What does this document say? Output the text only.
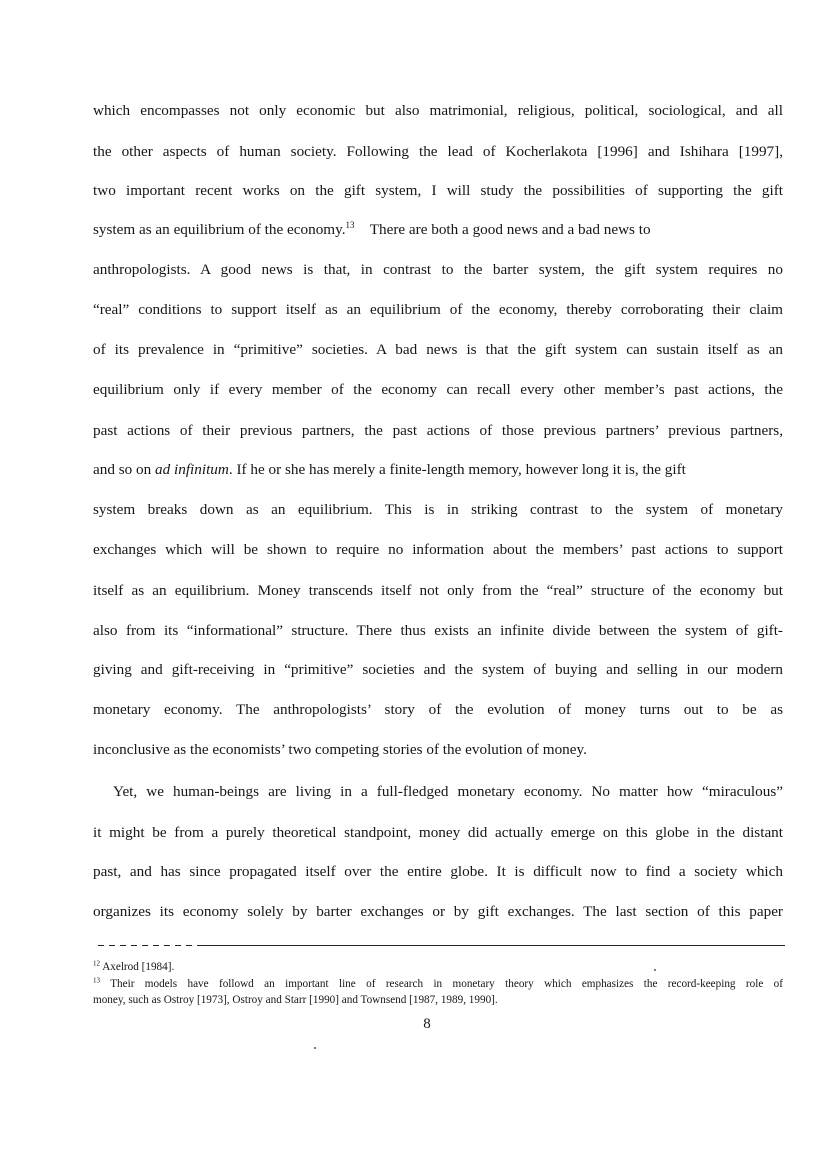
which encompasses not only economic but also matrimonial, religious, political, sociological, and all
the other aspects of human society. Following the lead of Kocherlakota [1996] and Ishihara [1997],
two important recent works on the gift system, I will study the possibilities of supporting the gift
system as an equilibrium of the economy.$^{13}$ There are both a good news and a bad news to
anthropologists. A good news is that, in contrast to the barter system, the gift system requires no
“real” conditions to support itself as an equilibrium of the economy, thereby corroborating their claim
of its prevalence in “primitive” societies. A bad news is that the gift system can sustain itself as an
equilibrium only if every member of the economy can recall every other member’s past actions, the
past actions of their previous partners, the past actions of those previous partners’ previous partners,
and so on ad infinitum. If he or she has merely a finite-length memory, however long it is, the gift
system breaks down as an equilibrium. This is in striking contrast to the system of monetary
exchanges which will be shown to require no information about the members’ past actions to support
itself as an equilibrium. Money transcends itself not only from the “real” structure of the economy but
also from its “informational” structure. There thus exists an infinite divide between the system of gift-
giving and gift-receiving in “primitive” societies and the system of buying and selling in our modern
monetary economy. The anthropologists’ story of the evolution of money turns out to be as
inconclusive as the economists’ two competing stories of the evolution of money.
Yet, we human-beings are living in a full-fledged monetary economy. No matter how “miraculous”
it might be from a purely theoretical standpoint, money did actually emerge on this globe in the distant
past, and has since propagated itself over the entire globe. It is difficult now to find a society which
organizes its economy solely by barter exchanges or by gift exchanges. The last section of this paper
$^{12}$ Axelrod [1984].
$^{13}$ Their models have followd an important line of research in monetary theory which emphasizes the record-keeping role of
money, such as Ostroy [1973], Ostroy and Starr [1990] and Townsend [1987, 1989, 1990].
8
